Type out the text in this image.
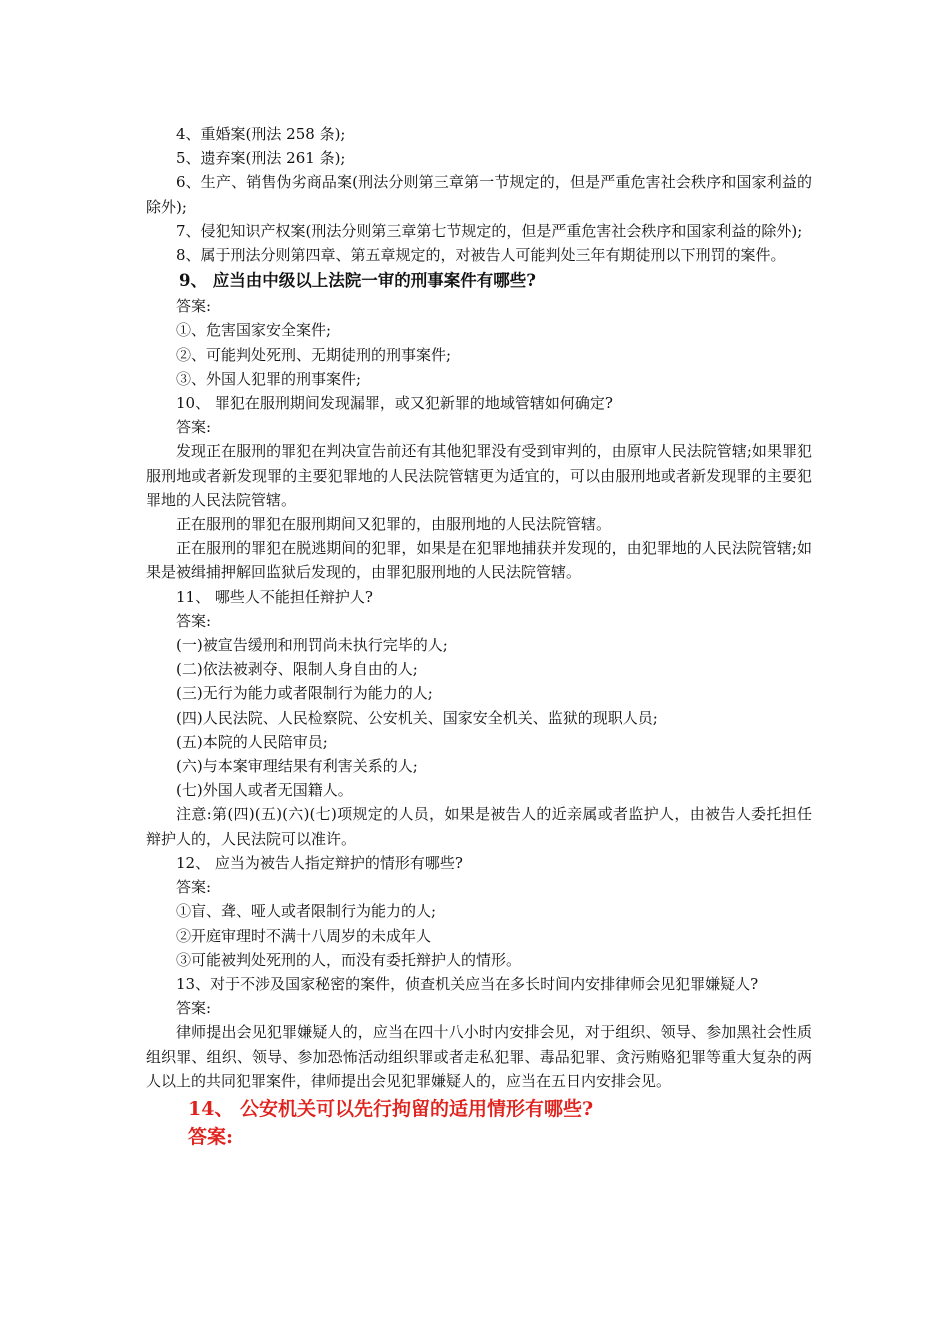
4、重婚案(刑法 258 条);
5、遗弃案(刑法 261 条);
6、生产、销售伪劣商品案(刑法分则第三章第一节规定的，但是严重危害社会秩序和国家利益的除外);
7、侵犯知识产权案(刑法分则第三章第七节规定的，但是严重危害社会秩序和国家利益的除外);
8、属于刑法分则第四章、第五章规定的，对被告人可能判处三年有期徒刑以下刑罚的案件。
9、 应当由中级以上法院一审的刑事案件有哪些?
答案:
①、危害国家安全案件;
②、可能判处死刑、无期徒刑的刑事案件;
③、外国人犯罪的刑事案件;
10、 罪犯在服刑期间发现漏罪，或又犯新罪的地域管辖如何确定?
答案:
发现正在服刑的罪犯在判决宣告前还有其他犯罪没有受到审判的，由原审人民法院管辖;如果罪犯服刑地或者新发现罪的主要犯罪地的人民法院管辖更为适宜的，可以由服刑地或者新发现罪的主要犯罪地的人民法院管辖。
正在服刑的罪犯在服刑期间又犯罪的，由服刑地的人民法院管辖。
正在服刑的罪犯在脱逃期间的犯罪，如果是在犯罪地捕获并发现的，由犯罪地的人民法院管辖;如果是被缉捕押解回监狱后发现的，由罪犯服刑地的人民法院管辖。
11、 哪些人不能担任辩护人?
答案:
(一)被宣告缓刑和刑罚尚未执行完毕的人;
(二)依法被剥夺、限制人身自由的人;
(三)无行为能力或者限制行为能力的人;
(四)人民法院、人民检察院、公安机关、国家安全机关、监狱的现职人员;
(五)本院的人民陪审员;
(六)与本案审理结果有利害关系的人;
(七)外国人或者无国籍人。
注意:第(四)(五)(六)(七)项规定的人员，如果是被告人的近亲属或者监护人，由被告人委托担任辩护人的，人民法院可以准许。
12、 应当为被告人指定辩护的情形有哪些?
答案:
①盲、聋、哑人或者限制行为能力的人;
②开庭审理时不满十八周岁的未成年人
③可能被判处死刑的人，而没有委托辩护人的情形。
13、对于不涉及国家秘密的案件，侦查机关应当在多长时间内安排律师会见犯罪嫌疑人?
答案:
律师提出会见犯罪嫌疑人的，应当在四十八小时内安排会见，对于组织、领导、参加黑社会性质组织罪、组织、领导、参加恐怖活动组织罪或者走私犯罪、毒品犯罪、贪污贿赂犯罪等重大复杂的两人以上的共同犯罪案件，律师提出会见犯罪嫌疑人的，应当在五日内安排会见。
14、 公安机关可以先行拘留的适用情形有哪些?
答案:
